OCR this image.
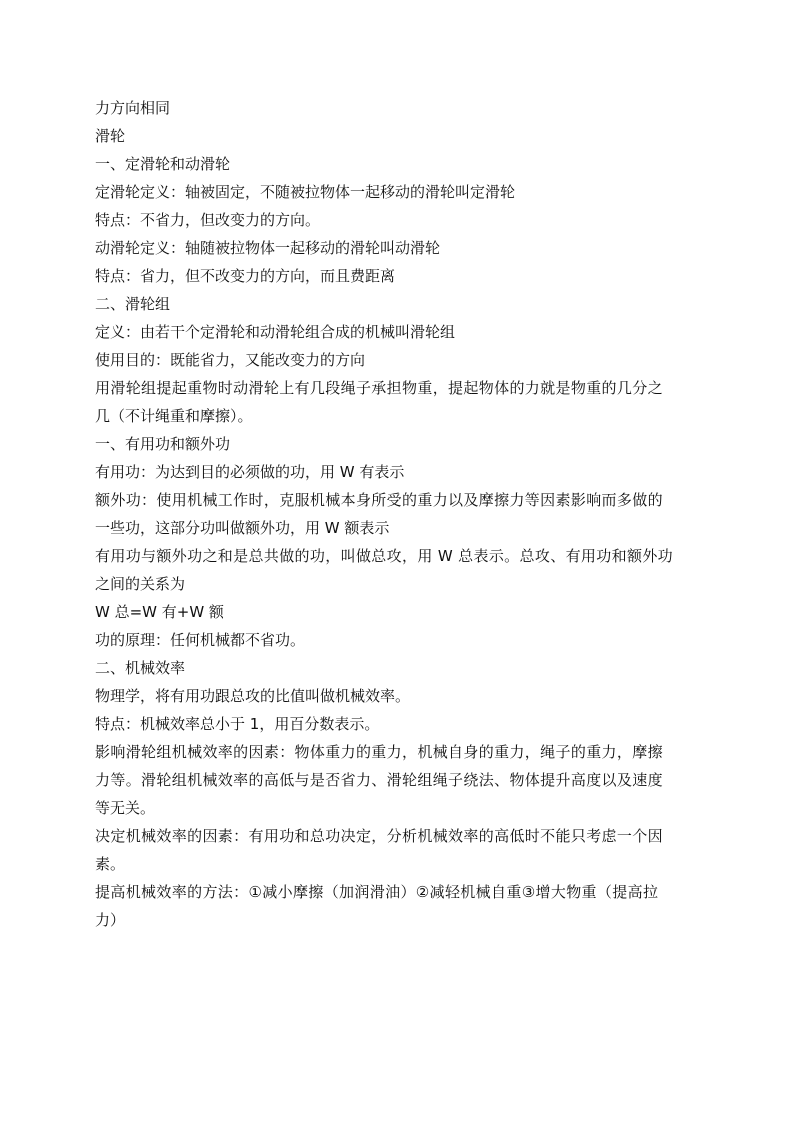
力方向相同
滑轮
一、定滑轮和动滑轮
定滑轮定义：轴被固定，不随被拉物体一起移动的滑轮叫定滑轮
特点：不省力，但改变力的方向。
动滑轮定义：轴随被拉物体一起移动的滑轮叫动滑轮
特点：省力，但不改变力的方向，而且费距离
二、滑轮组
定义：由若干个定滑轮和动滑轮组合成的机械叫滑轮组
使用目的：既能省力，又能改变力的方向
用滑轮组提起重物时动滑轮上有几段绳子承担物重，提起物体的力就是物重的几分之
几（不计绳重和摩擦）。
一、有用功和额外功
有用功：为达到目的必须做的功，用 W 有表示
额外功：使用机械工作时，克服机械本身所受的重力以及摩擦力等因素影响而多做的
一些功，这部分功叫做额外功，用 W 额表示
有用功与额外功之和是总共做的功，叫做总攻，用 W 总表示。总攻、有用功和额外功
之间的关系为
W 总=W 有+W 额
功的原理：任何机械都不省功。
二、机械效率
物理学，将有用功跟总攻的比值叫做机械效率。
特点：机械效率总小于 1，用百分数表示。
影响滑轮组机械效率的因素：物体重力的重力，机械自身的重力，绳子的重力，摩擦
力等。滑轮组机械效率的高低与是否省力、滑轮组绳子绕法、物体提升高度以及速度
等无关。
决定机械效率的因素：有用功和总功决定，分析机械效率的高低时不能只考虑一个因
素。
提高机械效率的方法：①减小摩擦（加润滑油）②减轻机械自重③增大物重（提高拉
力）
